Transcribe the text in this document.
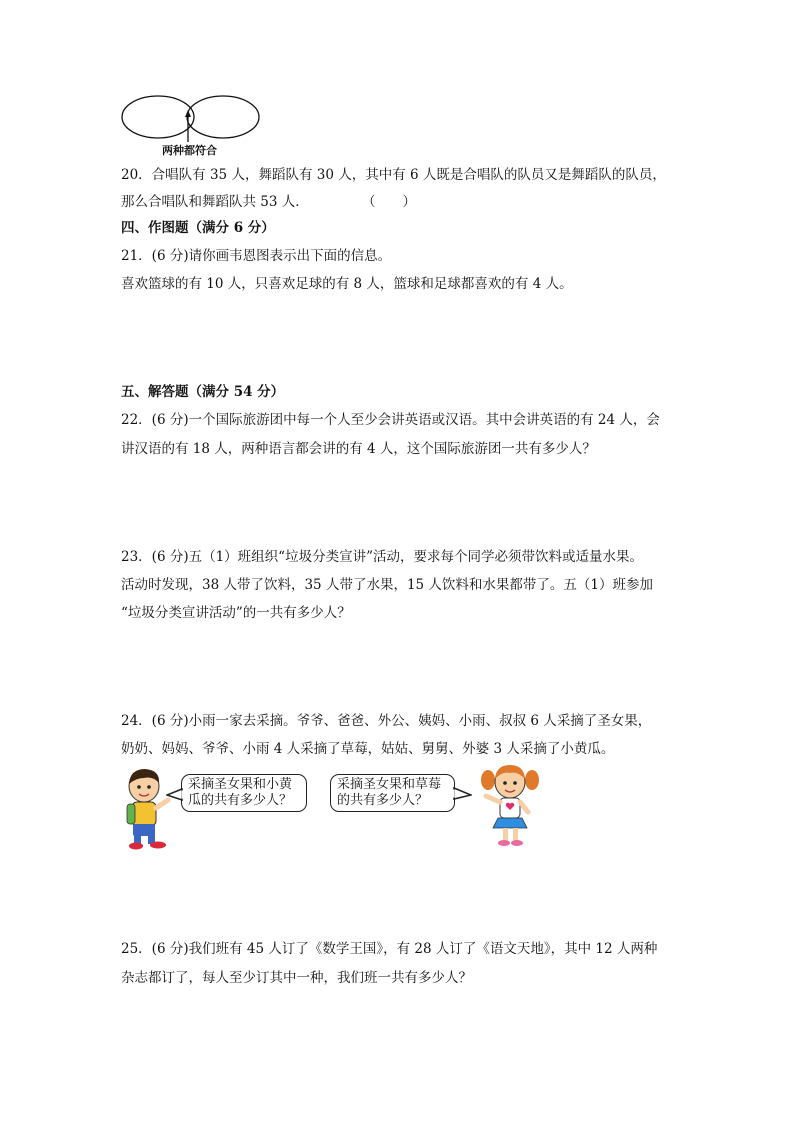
两种都符合
20．合唱队有 35 人，舞蹈队有 30 人，其中有 6 人既是合唱队的队员又是舞蹈队的队员，
那么合唱队和舞蹈队共 53 人．	（　　）
四、作图题（满分 6 分）
21．(6 分)请你画韦恩图表示出下面的信息。
喜欢篮球的有 10 人，只喜欢足球的有 8 人，篮球和足球都喜欢的有 4 人。
五、解答题（满分 54 分）
22．(6 分)一个国际旅游团中每一个人至少会讲英语或汉语。其中会讲英语的有 24 人，会
讲汉语的有 18 人，两种语言都会讲的有 4 人，这个国际旅游团一共有多少人？
23．(6 分)五（1）班组织“垃圾分类宣讲”活动，要求每个同学必须带饮料或适量水果。
活动时发现，38 人带了饮料，35 人带了水果，15 人饮料和水果都带了。五（1）班参加
“垃圾分类宣讲活动”的一共有多少人？
24．(6 分)小雨一家去采摘。爷爷、爸爸、外公、姨妈、小雨、叔叔 6 人采摘了圣女果，
奶奶、妈妈、爷爷、小雨 4 人采摘了草莓，姑姑、舅舅、外婆 3 人采摘了小黄瓜。
采摘圣女果和小黄
瓜的共有多少人？
采摘圣女果和草莓
的共有多少人？
25．(6 分)我们班有 45 人订了《数学王国》，有 28 人订了《语文天地》，其中 12 人两种
杂志都订了，每人至少订其中一种，我们班一共有多少人？
